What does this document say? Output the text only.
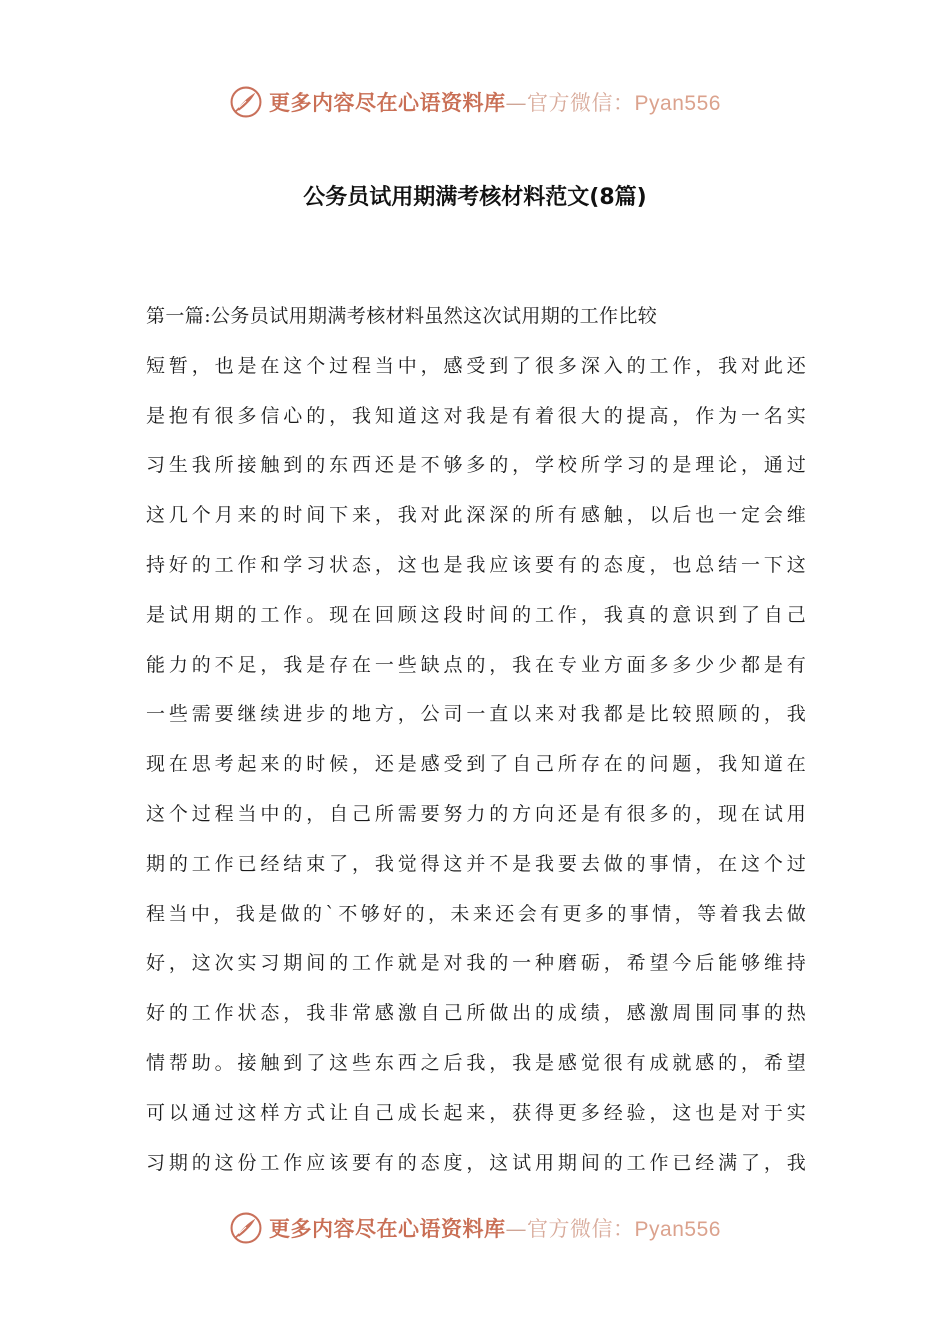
更多内容尽在心语资料库—官方微信：Pyan556
公务员试用期满考核材料范文(8篇)
第一篇:公务员试用期满考核材料虽然这次试用期的工作比较
短暂，也是在这个过程当中，感受到了很多深入的工作，我对此还
是抱有很多信心的，我知道这对我是有着很大的提高，作为一名实
习生我所接触到的东西还是不够多的，学校所学习的是理论，通过
这几个月来的时间下来，我对此深深的所有感触，以后也一定会维
持好的工作和学习状态，这也是我应该要有的态度，也总结一下这
是试用期的工作。现在回顾这段时间的工作，我真的意识到了自己
能力的不足，我是存在一些缺点的，我在专业方面多多少少都是有
一些需要继续进步的地方，公司一直以来对我都是比较照顾的，我
现在思考起来的时候，还是感受到了自己所存在的问题，我知道在
这个过程当中的，自己所需要努力的方向还是有很多的，现在试用
期的工作已经结束了，我觉得这并不是我要去做的事情，在这个过
程当中，我是做的`不够好的，未来还会有更多的事情，等着我去做
好，这次实习期间的工作就是对我的一种磨砺，希望今后能够维持
好的工作状态，我非常感激自己所做出的成绩，感激周围同事的热
情帮助。接触到了这些东西之后我，我是感觉很有成就感的，希望
可以通过这样方式让自己成长起来，获得更多经验，这也是对于实
习期的这份工作应该要有的态度，这试用期间的工作已经满了，我
更多内容尽在心语资料库—官方微信：Pyan556
